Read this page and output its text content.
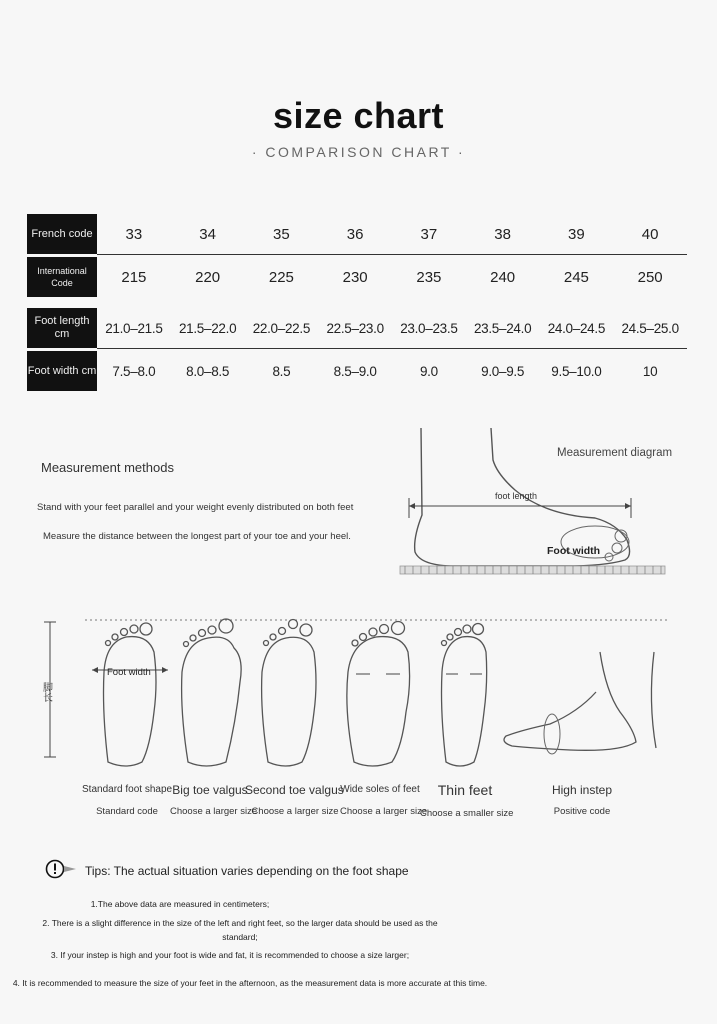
size chart
· COMPARISON CHART ·
French code	33	34	35	36	37	38	39	40
International Code	215	220	225	230	235	240	245	250
Foot length cm	21.0–21.5	21.5–22.0	22.0–22.5	22.5–23.0	23.0–23.5	23.5–24.0	24.0–24.5	24.5–25.0
Foot width cm	7.5–8.0	8.0–8.5	8.5	8.5–9.0	9.0	9.0–9.5	9.5–10.0	10
Measurement methods
Stand with your feet parallel and your weight evenly distributed on both feet
Measure the distance between the longest part of your toe and your heel.
Measurement diagram
foot length
Foot width
脚长
Foot width
Standard foot shape
Standard code
Big toe valgus
Choose a larger size
Second toe valgus
Choose a larger size
Wide soles of feet
Choose a larger size
Thin feet
Choose a smaller size
High instep
Positive code
Tips: The actual situation varies depending on the foot shape
1.The above data are measured in centimeters;
2. There is a slight difference in the size of the left and right feet, so the larger data should be used as the
standard;
3. If your instep is high and your foot is wide and fat, it is recommended to choose a size larger;
4. It is recommended to measure the size of your feet in the afternoon, as the measurement data is more accurate at this time.
